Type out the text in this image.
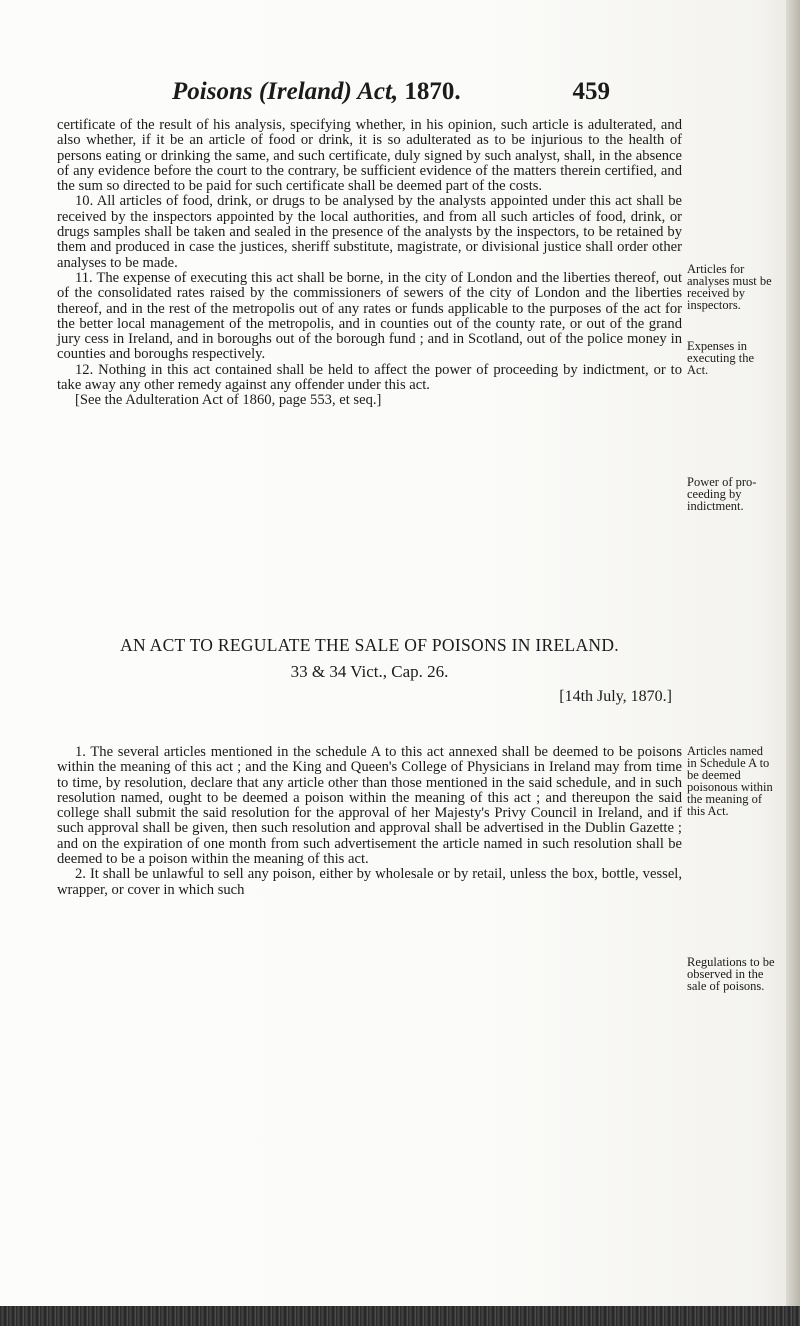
Poisons (Ireland) Act, 1870.	459

certificate of the result of his analysis, specifying whether, in his opinion, such article is adulterated, and also whether, if it be an article of food or drink, it is so adulterated as to be injurious to the health of persons eating or drinking the same, and such certificate, duly signed by such analyst, shall, in the absence of any evidence before the court to the contrary, be sufficient evidence of the matters therein certified, and the sum so directed to be paid for such certificate shall be deemed part of the costs.

10. All articles of food, drink, or drugs to be analysed by the analysts appointed under this act shall be received by the inspectors appointed by the local authorities, and from all such articles of food, drink, or drugs samples shall be taken and sealed in the presence of the analysts by the inspectors, to be retained by them and produced in case the justices, sheriff substitute, magistrate, or divisional justice shall order other analyses to be made.

11. The expense of executing this act shall be borne, in the city of London and the liberties thereof, out of the consolidated rates raised by the commissioners of sewers of the city of London and the liberties thereof, and in the rest of the metropolis out of any rates or funds applicable to the purposes of the act for the better local management of the metropolis, and in counties out of the county rate, or out of the grand jury cess in Ireland, and in boroughs out of the borough fund ; and in Scotland, out of the police money in counties and boroughs respectively.

12. Nothing in this act contained shall be held to affect the power of proceeding by indictment, or to take away any other remedy against any offender under this act.

[See the Adulteration Act of 1860, page 553, et seq.]

Articles for
analyses must be
received by
inspectors.
Expenses in
executing the
Act.
Power of pro-
ceeding by
indictment.
AN ACT TO REGULATE THE SALE OF POISONS IN IRELAND.
33 & 34 Vict., Cap. 26.
[14th July, 1870.]

1. The several articles mentioned in the schedule A to this act annexed shall be deemed to be poisons within the meaning of this act ; and the King and Queen's College of Physicians in Ireland may from time to time, by resolution, declare that any article other than those mentioned in the said schedule, and in such resolution named, ought to be deemed a poison within the meaning of this act ; and thereupon the said college shall submit the said resolution for the approval of her Majesty's Privy Council in Ireland, and if such approval shall be given, then such resolution and approval shall be advertised in the Dublin Gazette ; and on the expiration of one month from such advertisement the article named in such resolution shall be deemed to be a poison within the meaning of this act.

2. It shall be unlawful to sell any poison, either by wholesale or by retail, unless the box, bottle, vessel, wrapper, or cover in which such

Articles named
in Schedule A to
be deemed
poisonous within
the meaning of
this Act.
Regulations to be
observed in the
sale of poisons.
